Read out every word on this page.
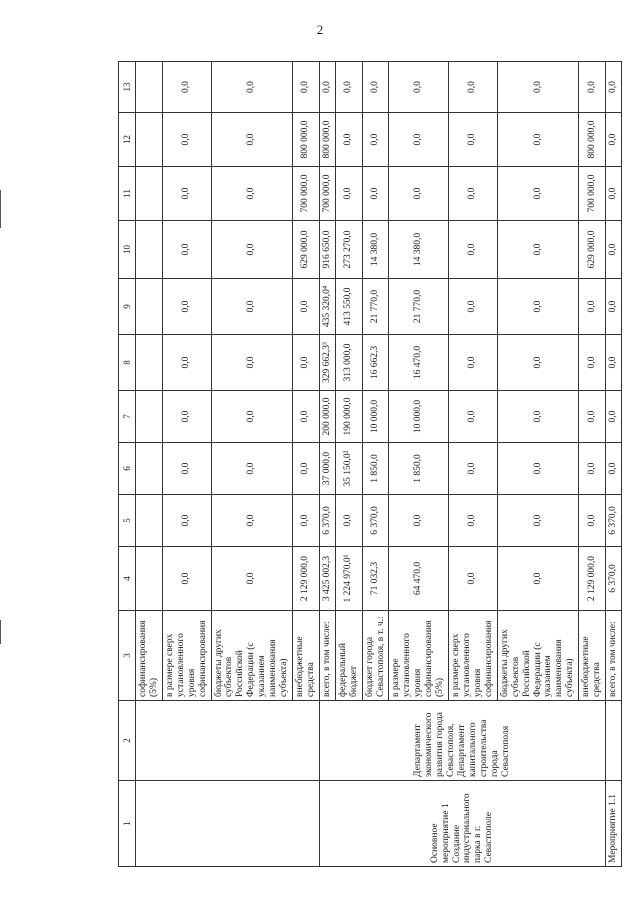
2
1	2	3	4	5	6	7	8	9	10	11	12	13
		софинансирования (5%)										
		в размере сверх установленного уровня софинансирования	0,0	0,0	0,0	0,0	0,0	0,0	0,0	0,0	0,0	0,0
		бюджеты других субъектов Российской Федерации (с указанием наименования субъекта)	0,0	0,0	0,0	0,0	0,0	0,0	0,0	0,0	0,0	0,0
		внебюджетные средства	2 129 000,0	0,0	0,0	0,0	0,0	0,0	629 000,0	700 000,0	800 000,0	0,0
Основное мероприятие 1 Создание индустриального парка в г. Севастополе	Департамент экономического развития города Севастополя, Департамент капитального строительства города Севастополя	всего, в том числе:	3 425 002,3	6 370,0	37 000,0	200 000,0	329 662,3³	435 320,0⁴	916 650,0	700 000,0	800 000,0	0,0
		федеральный бюджет	1 224 970,0¹	0,0	35 150,0²	190 000,0	313 000,0	413 550,0	273 270,0	0,0	0,0	0,0
		бюджет города Севастополя, в т. ч.:	71 032,3	6 370,0	1 850,0	10 000,0	16 662,3	21 770,0	14 380,0	0,0	0,0	0,0
		в размере установленного уровня софинансирования (5%)	64 470,0	0,0	1 850,0	10 000,0	16 470,0	21 770,0	14 380,0	0,0	0,0	0,0
		в размере сверх установленного уровня софинансирования	0,0	0,0	0,0	0,0	0,0	0,0	0,0	0,0	0,0	0,0
		бюджеты других субъектов Российской Федерации (с указанием наименования субъекта)	0,0	0,0	0,0	0,0	0,0	0,0	0,0	0,0	0,0	0,0
		внебюджетные средства	2 129 000,0	0,0	0,0	0,0	0,0	0,0	629 000,0	700 000,0	800 000,0	0,0
Мероприятие 1.1		всего, в том числе:	6 370,0	6 370,0	0,0	0,0	0,0	0,0	0,0	0,0	0,0	0,0
